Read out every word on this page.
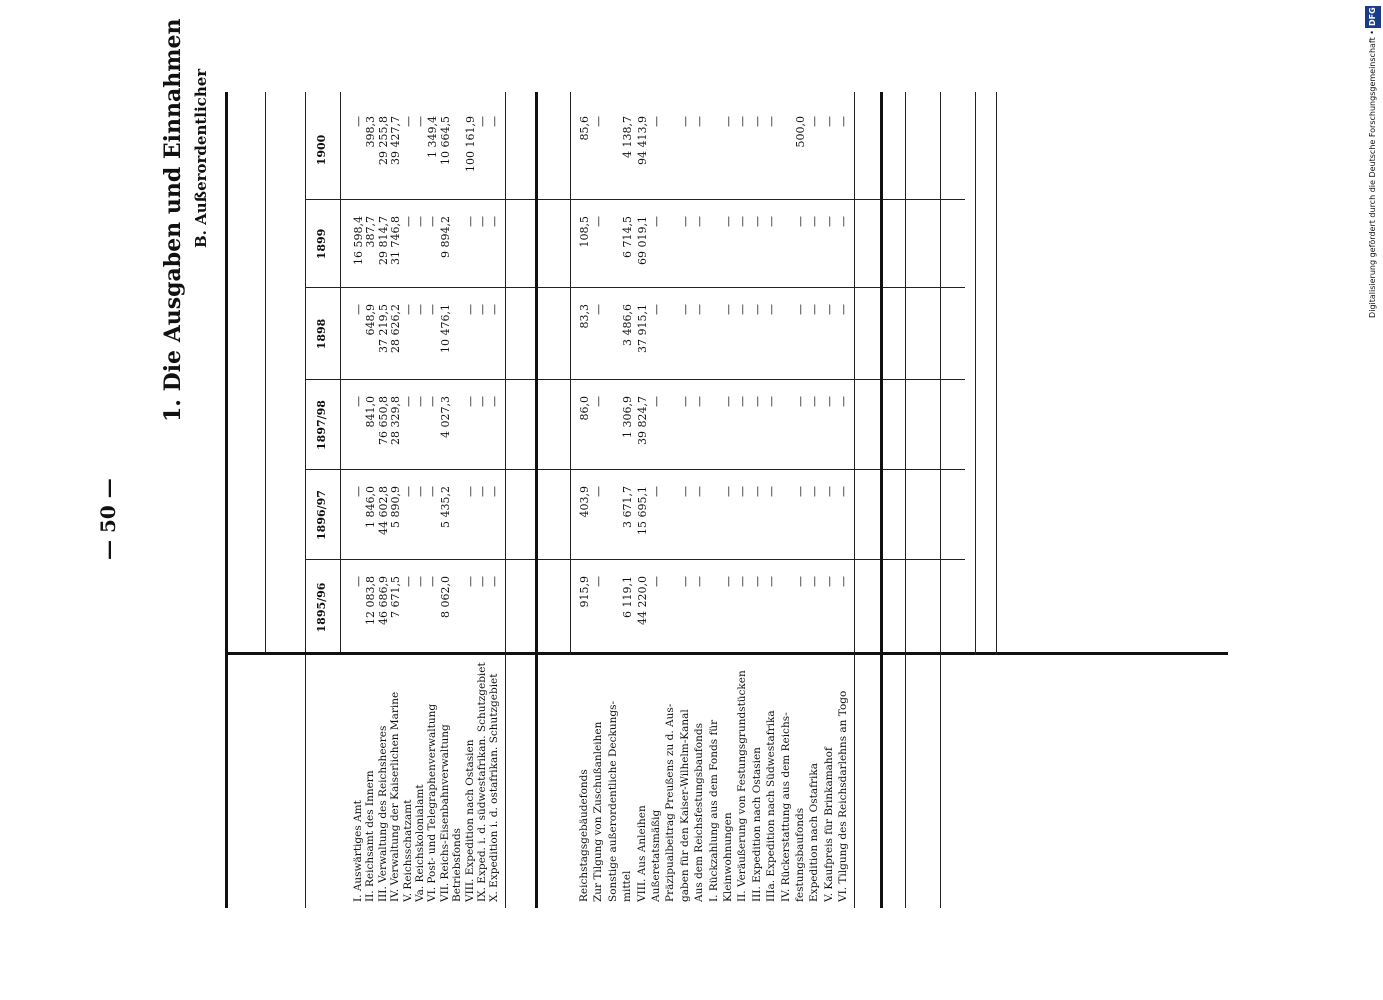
— 50 —
1. Die Ausgaben und Einnahmen B. Außerordentlicher
1895/96
1896/97
1897/98
1898
1899
1900
I. Auswärtiges Amt
—
—
—
—
16 598,4
—
II. Reichsamt des Innern
12 083,8
1 846,0
841,0
648,9
387,7
398,3
III. Verwaltung des Reichsheeres
46 686,9
44 602,8
76 650,8
37 219,5
29 814,7
29 255,8
IV. Verwaltung der Kaiserlichen Marine
7 671,5
5 890,9
28 329,8
28 626,2
31 746,8
39 427,7
V. Reichsschatzamt
—
—
—
—
—
—
Va. Reichskolonialamt
—
—
—
—
—
—
VI. Post- und Telegraphenverwaltung
—
—
—
—
—
1 349,4
VII. Reichs-Eisenbahnverwaltung
8 062,0
5 435,2
4 027,3
10 476,1
9 894,2
10 664,5
Betriebsfonds VIII. Expedition nach Ostasien
—
—
—
—
—
100 161,9
IX. Exped. i. d. südwestafrikan. Schutzgebiet
—
—
—
—
—
—
X. Expedition i. d. ostafrikan. Schutzgebiet
—
—
—
—
—
—
Reichstagsgebäudefonds
915,9
403,9
86,0
83,3
108,5
85,6
Zur Tilgung von Zuschußanleihen
—
—
—
—
—
—
Sonstige außerordentliche Deckungs- mittel
6 119,1
3 671,7
1 306,9
3 486,6
6 714,5
4 138,7
VIII. Aus Anleihen
44 220,0
15 695,1
39 824,7
37 915,1
69 019,1
94 413,9
Außeretatsmäßig
—
—
—
—
—
—
Präzipualbeitrag Preußens zu d. Aus- gaben für den Kaiser-Wilhelm-Kanal
—
—
—
—
—
—
Aus dem Reichsfestungsbaufonds
—
—
—
—
—
—
I. Rückzahlung aus dem Fonds für Kleinwohnungen
—
—
—
—
—
—
II. Veräußerung von Festungsgrundstücken
—
—
—
—
—
—
III. Expedition nach Ostasien
—
—
—
—
—
—
IIIa. Expedition nach Südwestafrika
—
—
—
—
—
—
IV. Rückerstattung aus dem Reichs- festungsbaufonds
—
—
—
—
—
500,0
Expedition nach Ostafrika
—
—
—
—
—
—
V. Kaufpreis für Brinkamahof
—
—
—
—
—
—
VI. Tilgung des Reichsdarlehns an Togo
—
—
—
—
—
—
DFG
Digitalisierung gefördert durch die Deutsche Forschungsgemeinschaft •
